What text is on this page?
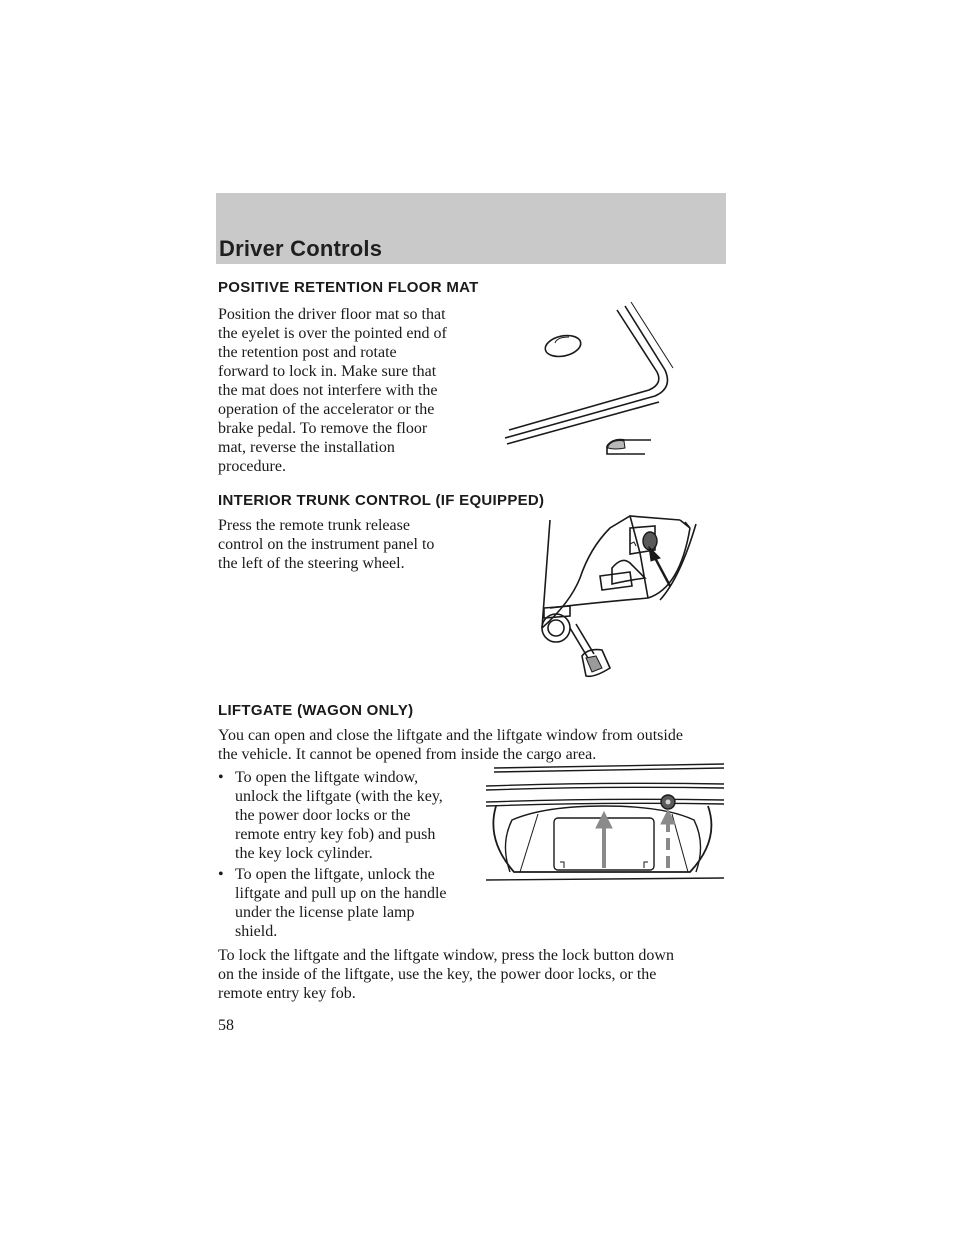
Driver Controls
POSITIVE RETENTION FLOOR MAT
Position the driver floor mat so that
the eyelet is over the pointed end of
the retention post and rotate
forward to lock in. Make sure that
the mat does not interfere with the
operation of the accelerator or the
brake pedal. To remove the floor
mat, reverse the installation
procedure.
INTERIOR TRUNK CONTROL (IF EQUIPPED)
Press the remote trunk release
control on the instrument panel to
the left of the steering wheel.
LIFTGATE (WAGON ONLY)
You can open and close the liftgate and the liftgate window from outside
the vehicle. It cannot be opened from inside the cargo area.
• To open the liftgate window,
unlock the liftgate (with the key,
the power door locks or the
remote entry key fob) and push
the key lock cylinder.
• To open the liftgate, unlock the
liftgate and pull up on the handle
under the license plate lamp
shield.
To lock the liftgate and the liftgate window, press the lock button down
on the inside of the liftgate, use the key, the power door locks, or the
remote entry key fob.
58
